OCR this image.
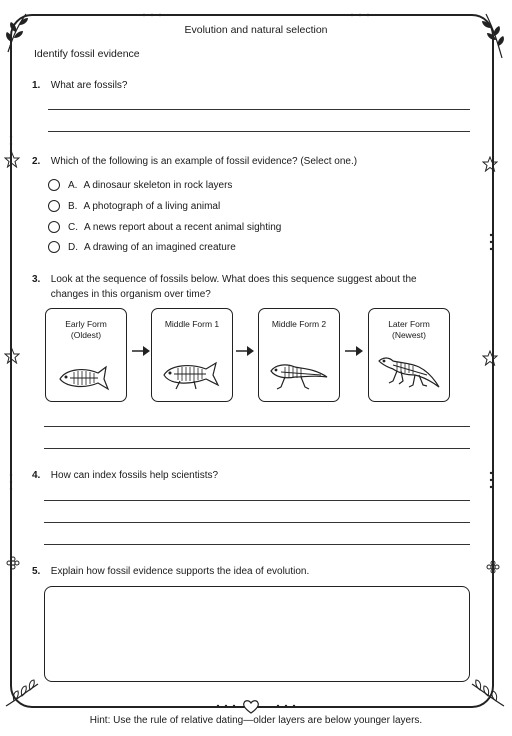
Evolution and natural selection
Identify fossil evidence
1. What are fossils?
2. Which of the following is an example of fossil evidence? (Select one.)
A. A dinosaur skeleton in rock layers
B. A photograph of a living animal
C. A news report about a recent animal sighting
D. A drawing of an imagined creature
3. Look at the sequence of fossils below. What does this sequence suggest about the
changes in this organism over time?
Early Form
(Oldest)
Middle Form 1	Middle Form 2	Later Form
(Newest)
4. How can index fossils help scientists?
5. Explain how fossil evidence supports the idea of evolution.
Hint: Use the rule of relative dating—older layers are below younger layers.
